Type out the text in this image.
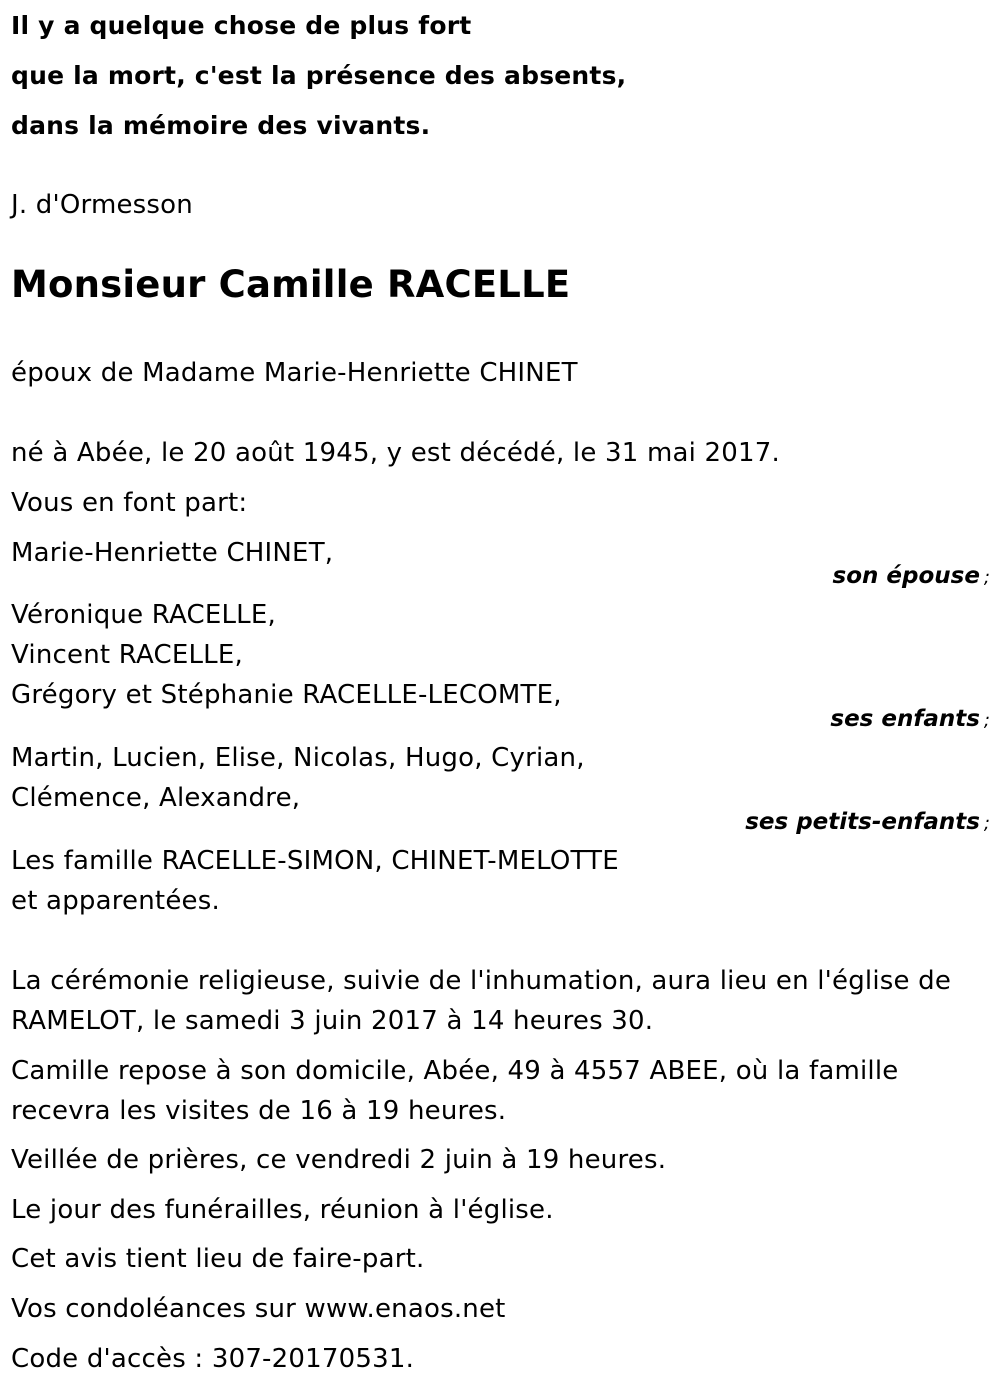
Il y a quelque chose de plus fort
que la mort, c'est la présence des absents,
dans la mémoire des vivants.
J. d'Ormesson
Monsieur Camille RACELLE
époux de Madame Marie-Henriette CHINET
né à Abée, le 20 août 1945, y est décédé, le 31 mai 2017.
Vous en font part:
Marie-Henriette CHINET,
son épouse ;
Véronique RACELLE,
Vincent RACELLE,
Grégory et Stéphanie RACELLE-LECOMTE,
ses enfants ;
Martin, Lucien, Elise, Nicolas, Hugo, Cyrian,
Clémence, Alexandre,
ses petits-enfants ;
Les famille RACELLE-SIMON, CHINET-MELOTTE
et apparentées.
La cérémonie religieuse, suivie de l'inhumation, aura lieu en l'église de
RAMELOT, le samedi 3 juin 2017 à 14 heures 30.
Camille repose à son domicile, Abée, 49 à 4557 ABEE, où la famille
recevra les visites de 16 à 19 heures.
Veillée de prières, ce vendredi 2 juin à 19 heures.
Le jour des funérailles, réunion à l'église.
Cet avis tient lieu de faire-part.
Vos condoléances sur www.enaos.net
Code d'accès : 307-20170531.
